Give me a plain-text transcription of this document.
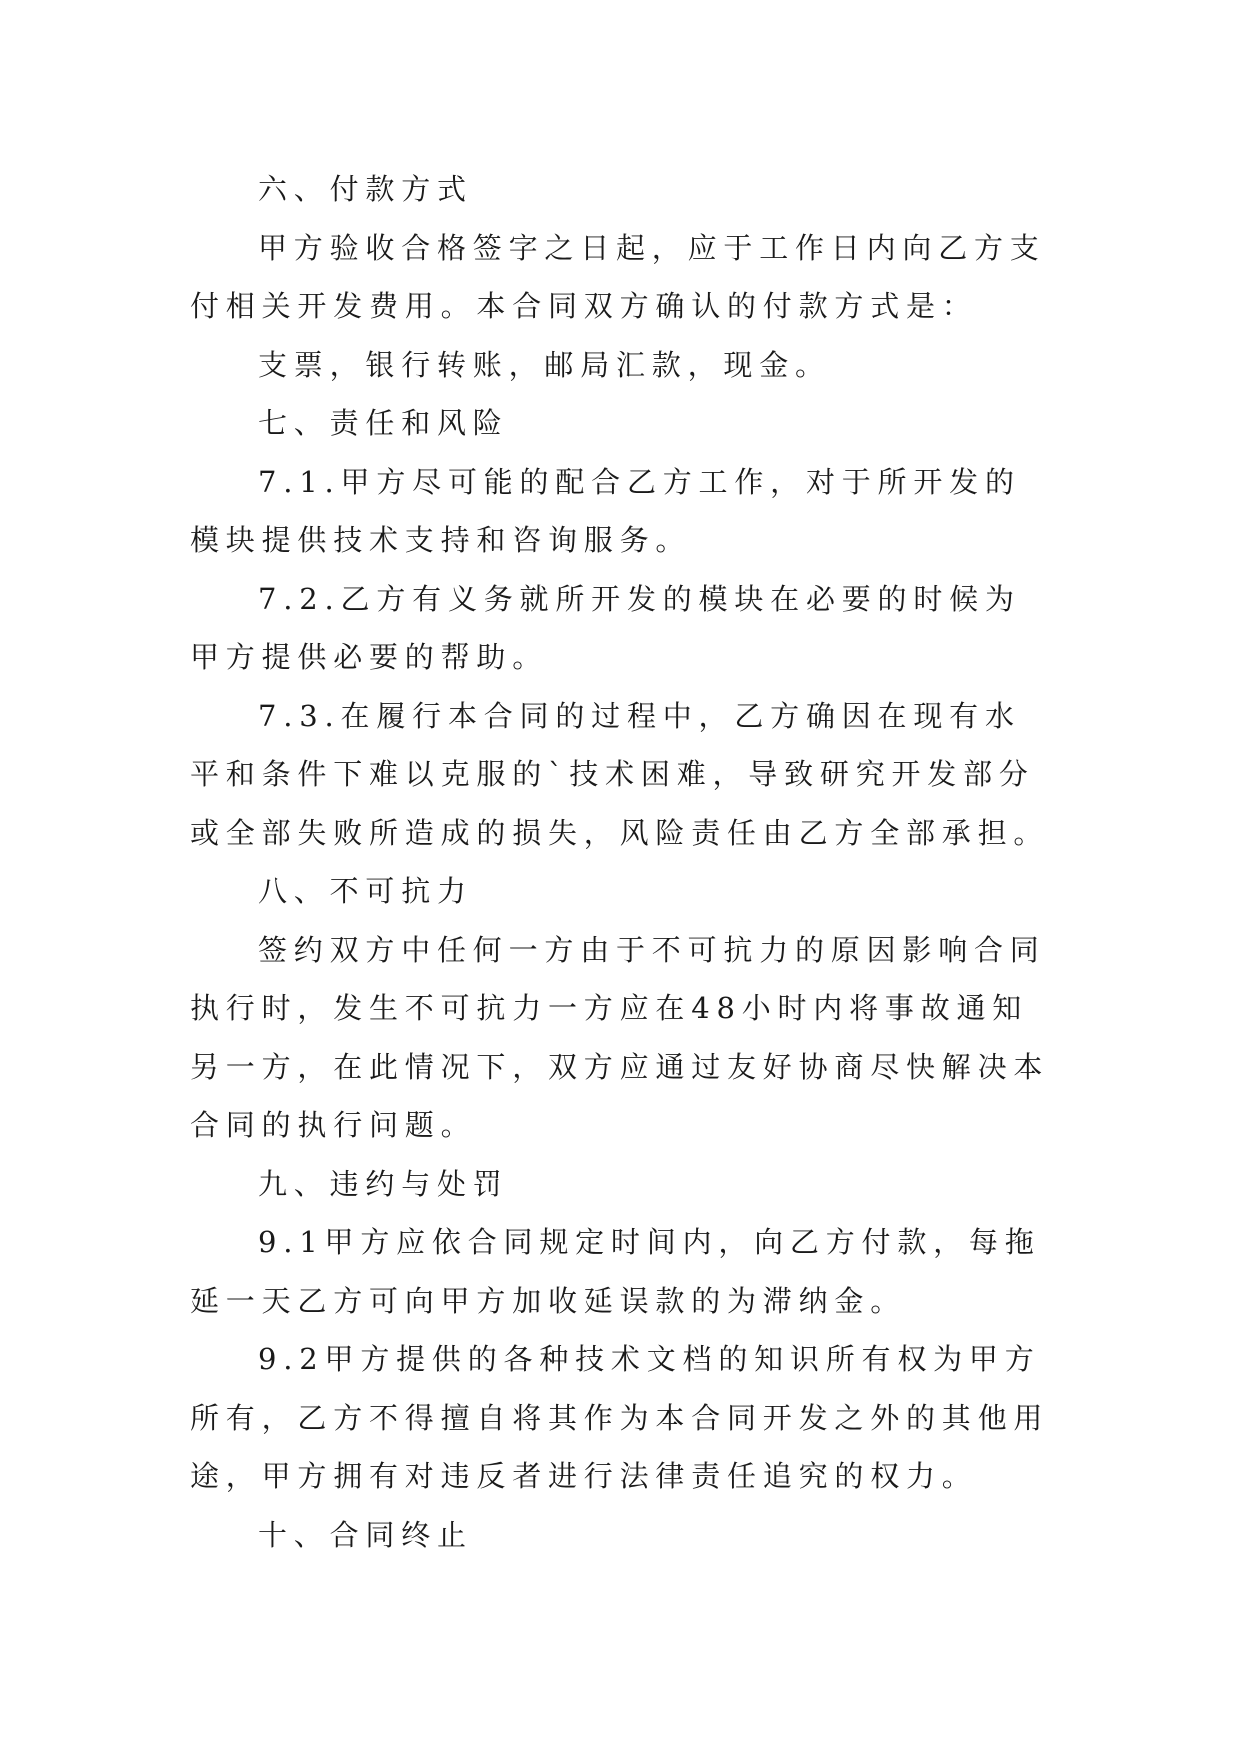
六、付款方式

甲方验收合格签字之日起，应于工作日内向乙方支付相关开发费用。本合同双方确认的付款方式是：

支票，银行转账，邮局汇款，现金。

七、责任和风险

7.1.甲方尽可能的配合乙方工作，对于所开发的模块提供技术支持和咨询服务。

7.2.乙方有义务就所开发的模块在必要的时候为甲方提供必要的帮助。

7.3.在履行本合同的过程中，乙方确因在现有水平和条件下难以克服的`技术困难，导致研究开发部分或全部失败所造成的损失，风险责任由乙方全部承担。

八、不可抗力

签约双方中任何一方由于不可抗力的原因影响合同执行时，发生不可抗力一方应在48小时内将事故通知另一方，在此情况下，双方应通过友好协商尽快解决本合同的执行问题。

九、违约与处罚

9.1甲方应依合同规定时间内，向乙方付款，每拖延一天乙方可向甲方加收延误款的为滞纳金。

9.2甲方提供的各种技术文档的知识所有权为甲方所有，乙方不得擅自将其作为本合同开发之外的其他用途，甲方拥有对违反者进行法律责任追究的权力。

十、合同终止
